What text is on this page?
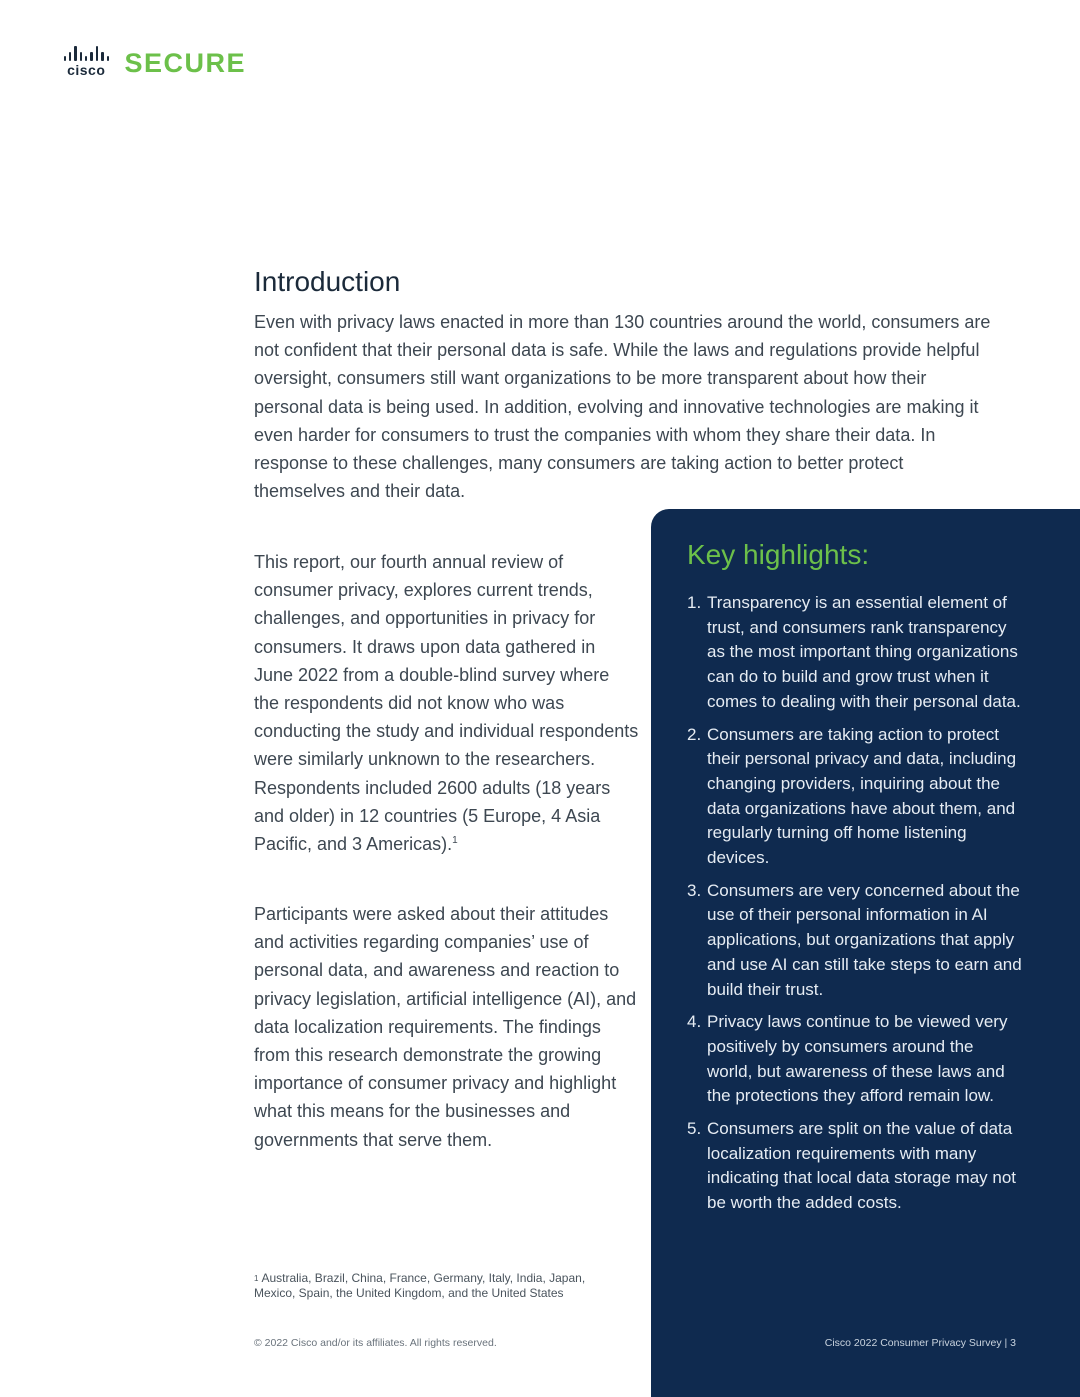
cisco SECURE
Introduction

Even with privacy laws enacted in more than 130 countries around the world, consumers are not confident that their personal data is safe. While the laws and regulations provide helpful oversight, consumers still want organizations to be more transparent about how their personal data is being used. In addition, evolving and innovative technologies are making it even harder for consumers to trust the companies with whom they share their data. In response to these challenges, many consumers are taking action to better protect themselves and their data.

This report, our fourth annual review of consumer privacy, explores current trends, challenges, and opportunities in privacy for consumers. It draws upon data gathered in June 2022 from a double-blind survey where the respondents did not know who was conducting the study and individual respondents were similarly unknown to the researchers. Respondents included 2600 adults (18 years and older) in 12 countries (5 Europe, 4 Asia Pacific, and 3 Americas).$^1$

Participants were asked about their attitudes and activities regarding companies’ use of personal data, and awareness and reaction to privacy legislation, artificial intelligence (AI), and data localization requirements. The findings from this research demonstrate the growing importance of consumer privacy and highlight what this means for the businesses and governments that serve them.

$^1$ Australia, Brazil, China, France, Germany, Italy, India, Japan, Mexico, Spain, the United Kingdom, and the United States
© 2022 Cisco and/or its affiliates. All rights reserved.
Key highlights:
1. Transparency is an essential element of trust, and consumers rank transparency as the most important thing organizations can do to build and grow trust when it comes to dealing with their personal data.
2. Consumers are taking action to protect their personal privacy and data, including changing providers, inquiring about the data organizations have about them, and regularly turning off home listening devices.
3. Consumers are very concerned about the use of their personal information in AI applications, but organizations that apply and use AI can still take steps to earn and build their trust.
4. Privacy laws continue to be viewed very positively by consumers around the world, but awareness of these laws and the protections they afford remain low.
5. Consumers are split on the value of data localization requirements with many indicating that local data storage may not be worth the added costs.
Cisco 2022 Consumer Privacy Survey | 3
